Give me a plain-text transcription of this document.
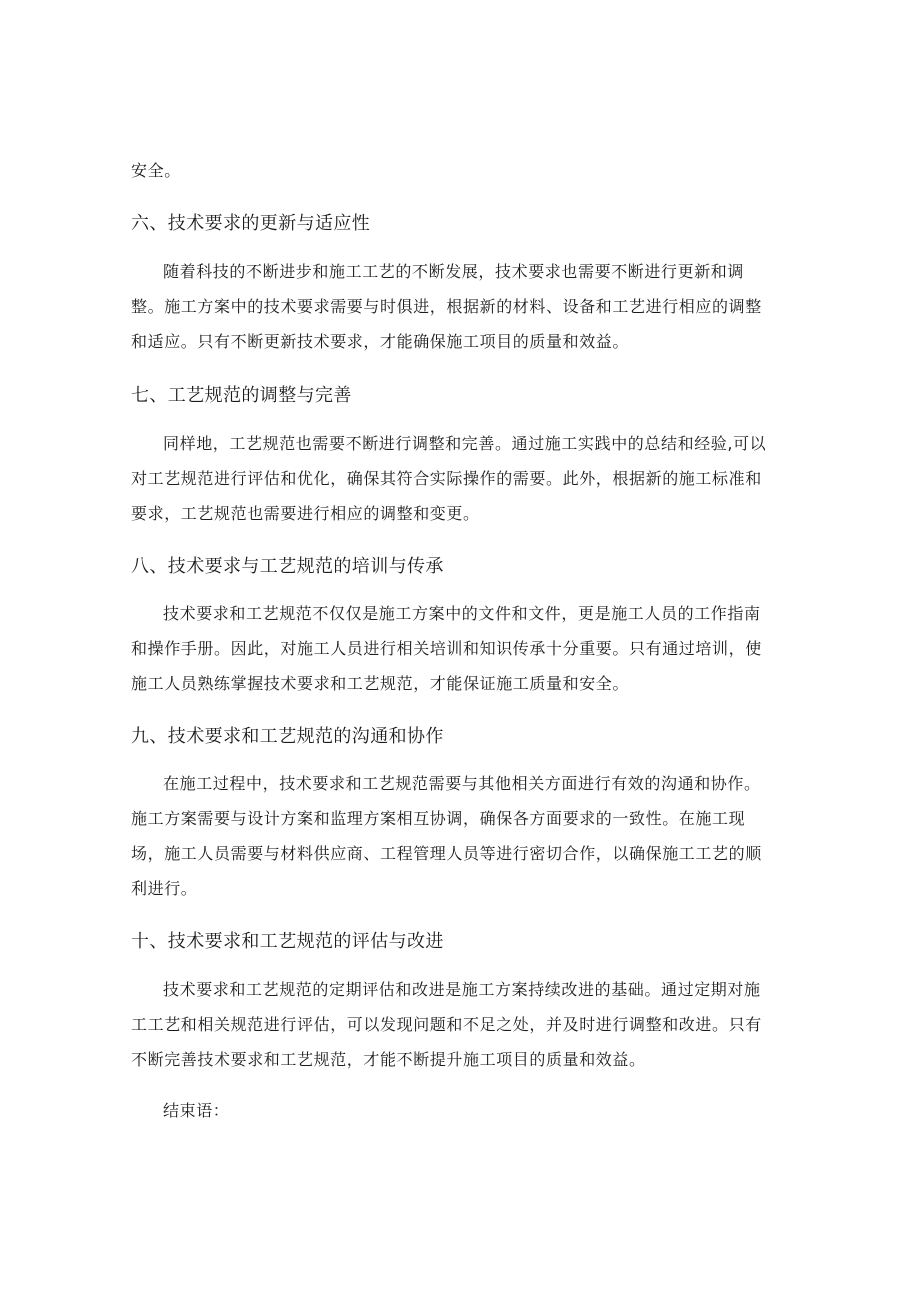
安全。
六、技术要求的更新与适应性
随着科技的不断进步和施工工艺的不断发展，技术要求也需要不断进行更新和调
整。施工方案中的技术要求需要与时俱进，根据新的材料、设备和工艺进行相应的调整
和适应。只有不断更新技术要求，才能确保施工项目的质量和效益。
七、工艺规范的调整与完善
同样地，工艺规范也需要不断进行调整和完善。通过施工实践中的总结和经验,可以
对工艺规范进行评估和优化，确保其符合实际操作的需要。此外，根据新的施工标准和
要求，工艺规范也需要进行相应的调整和变更。
八、技术要求与工艺规范的培训与传承
技术要求和工艺规范不仅仅是施工方案中的文件和文件，更是施工人员的工作指南
和操作手册。因此，对施工人员进行相关培训和知识传承十分重要。只有通过培训，使
施工人员熟练掌握技术要求和工艺规范，才能保证施工质量和安全。
九、技术要求和工艺规范的沟通和协作
在施工过程中，技术要求和工艺规范需要与其他相关方面进行有效的沟通和协作。
施工方案需要与设计方案和监理方案相互协调，确保各方面要求的一致性。在施工现
场，施工人员需要与材料供应商、工程管理人员等进行密切合作，以确保施工工艺的顺
利进行。
十、技术要求和工艺规范的评估与改进
技术要求和工艺规范的定期评估和改进是施工方案持续改进的基础。通过定期对施
工工艺和相关规范进行评估，可以发现问题和不足之处，并及时进行调整和改进。只有
不断完善技术要求和工艺规范，才能不断提升施工项目的质量和效益。
结束语：
